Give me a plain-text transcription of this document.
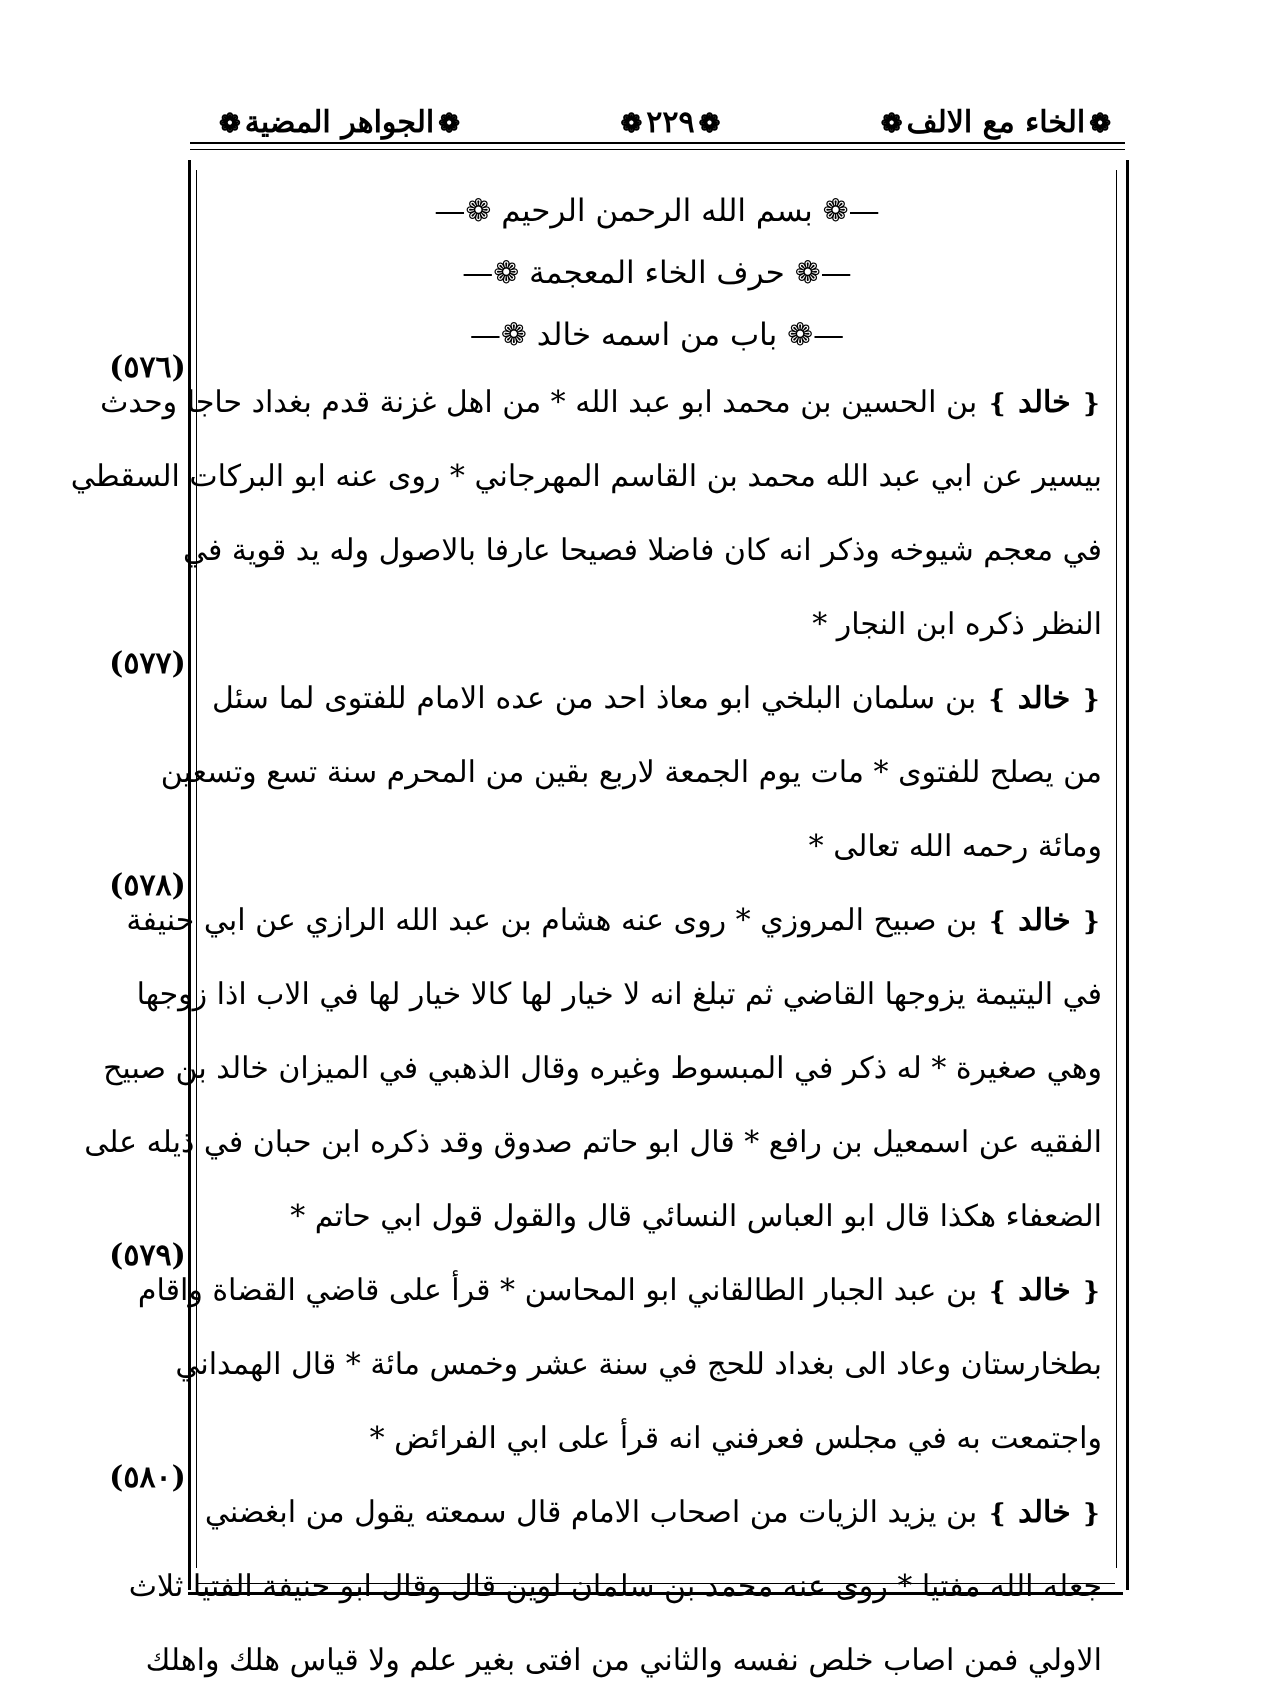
❁الخاء مع الالف❁
❁٢٢٩❁
❁الجواهر المضية❁
(٥٧٦)
(٥٧٧)
(٥٧٨)
(٥٧٩)
(٥٨٠)
—❁ بسم الله الرحمن الرحيم ❁—
—❁ حرف الخاء المعجمة ❁—
—❁ باب من اسمه خالد ❁—
❴ خالد ❵ بن الحسين بن محمد ابو عبد الله * من اهل غزنة قدم بغداد حاجا وحدث
بيسير عن ابي عبد الله محمد بن القاسم المهرجاني * روى عنه ابو البركات السقطي
في معجم شيوخه وذكر انه كان فاضلا فصيحا عارفا بالاصول وله يد قوية في
النظر ذكره ابن النجار *
❴ خالد ❵ بن سلمان البلخي ابو معاذ احد من عده الامام للفتوى لما سئل
من يصلح للفتوى * مات يوم الجمعة لاربع بقين من المحرم سنة تسع وتسعين
ومائة رحمه الله تعالى *
❴ خالد ❵ بن صبيح المروزي * روى عنه هشام بن عبد الله الرازي عن ابي حنيفة
في اليتيمة يزوجها القاضي ثم تبلغ انه لا خيار لها كالا خيار لها في الاب اذا زوجها
وهي صغيرة * له ذكر في المبسوط وغيره وقال الذهبي في الميزان خالد بن صبيح
الفقيه عن اسمعيل بن رافع * قال ابو حاتم صدوق وقد ذكره ابن حبان في ذيله على
الضعفاء هكذا قال ابو العباس النسائي قال والقول قول ابي حاتم *
❴ خالد ❵ بن عبد الجبار الطالقاني ابو المحاسن * قرأ على قاضي القضاة واقام
بطخارستان وعاد الى بغداد للحج في سنة عشر وخمس مائة * قال الهمداني
واجتمعت به في مجلس فعرفني انه قرأ على ابي الفرائض *
❴ خالد ❵ بن يزيد الزيات من اصحاب الامام قال سمعته يقول من ابغضني
جعله الله مفتيا * روى عنه محمد بن سلمان لوين قال وقال ابو حنيفة الفتيا ثلاث
الاولي فمن اصاب خلص نفسه والثاني من افتى بغير علم ولا قياس هلك واهلك
